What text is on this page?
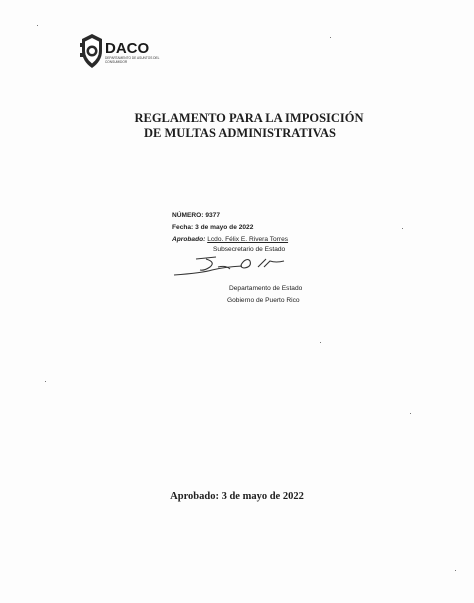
DACO
DEPARTAMENTO DE ASUNTOS DEL CONSUMIDOR
REGLAMENTO PARA LA IMPOSICIÓN
DE MULTAS ADMINISTRATIVAS
NÚMERO: 9377
Fecha: 3 de mayo de 2022
Aprobado: Lcdo. Félix E. Rivera Torres
Subsecretario de Estado
Departamento de Estado
Gobierno de Puerto Rico
Aprobado: 3 de mayo de 2022
